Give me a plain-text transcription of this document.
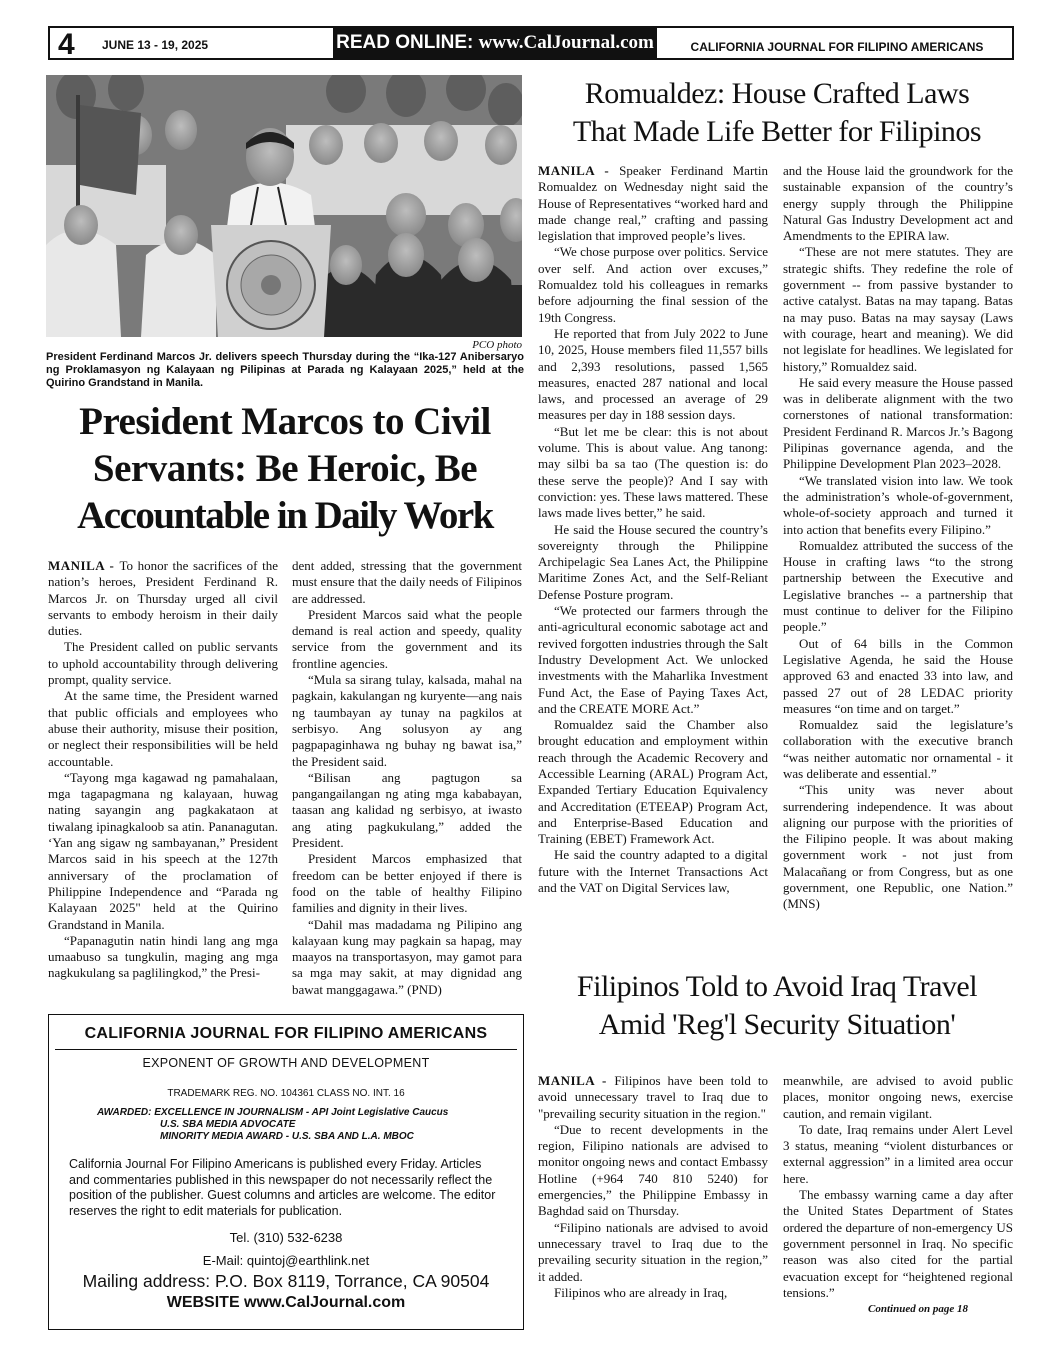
4 JUNE 13 - 19, 2025	READ ONLINE: www.CalJournal.com	CALIFORNIA JOURNAL FOR FILIPINO AMERICANS
PCO photo
President Ferdinand Marcos Jr. delivers speech Thursday during the “Ika-127 Anibersaryo ng Proklamasyon ng Kalayaan ng Pilipinas at Parada ng Kalayaan 2025,” held at the Quirino Grandstand in Manila.
President Marcos to Civil
Servants: Be Heroic, Be
Accountable in Daily Work

MANILA - To honor the sacrifices of the nation’s heroes, President Ferdinand R. Marcos Jr. on Thursday urged all civil servants to embody heroism in their daily duties.

The President called on public servants to uphold accountability through delivering prompt, quality service.

At the same time, the President warned that public officials and employees who abuse their authority, misuse their position, or neglect their responsibilities will be held accountable.

“Tayong mga kagawad ng pamahalaan, mga tagapagmana ng kalayaan, huwag nating sayangin ang pagkakataon at tiwalang ipinagkaloob sa atin. Pananagutan. ‘Yan ang sigaw ng sambayanan,” President Marcos said in his speech at the 127th anniversary of the proclamation of Philippine Independence and “Parada ng Kalayaan 2025" held at the Quirino Grandstand in Manila.

“Papanagutin natin hindi lang ang mga umaabuso sa tungkulin, maging ang mga nagkukulang sa paglilingkod,” the Presi-

dent added, stressing that the government must ensure that the daily needs of Filipinos are addressed.

President Marcos said what the people demand is real action and speedy, quality service from the government and its frontline agencies.

“Mula sa sirang tulay, kalsada, mahal na pagkain, kakulangan ng kuryente—ang nais ng taumbayan ay tunay na pagkilos at serbisyo. Ang solusyon ay ang pagpapaginhawa ng buhay ng bawat isa,” the President said.

“Bilisan ang pagtugon sa pangangailangan ng ating mga kababayan, taasan ang kalidad ng serbisyo, at iwasto ang ating pagkukulang,” added the President.

President Marcos emphasized that freedom can be better enjoyed if there is food on the table of healthy Filipino families and dignity in their lives.

“Dahil mas madadama ng Pilipino ang kalayaan kung may pagkain sa hapag, may maayos na transportasyon, may gamot para sa mga may sakit, at may dignidad ang bawat manggagawa.” (PND)

CALIFORNIA JOURNAL FOR FILIPINO AMERICANS
EXPONENT OF GROWTH AND DEVELOPMENT
TRADEMARK REG. NO. 104361 CLASS NO. INT. 16
AWARDED: EXCELLENCE IN JOURNALISM - API Joint Legislative Caucus
U.S. SBA MEDIA ADVOCATE
MINORITY MEDIA AWARD - U.S. SBA AND L.A. MBOC
California Journal For Filipino Americans is published every Friday. Articles and commentaries published in this newspaper do not necessarily reflect the position of the publisher. Guest columns and articles are welcome. The editor reserves the right to edit materials for publication.
Tel. (310) 532-6238
E-Mail: quintoj@earthlink.net
Mailing address: P.O. Box 8119, Torrance, CA 90504
WEBSITE www.CalJournal.com
Romualdez: House Crafted Laws
That Made Life Better for Filipinos

MANILA - Speaker Ferdinand Martin Romualdez on Wednesday night said the House of Representatives “worked hard and made change real,” crafting and passing legislation that improved people’s lives.

“We chose purpose over politics. Service over self. And action over excuses,” Romualdez told his colleagues in remarks before adjourning the final session of the 19th Congress.

He reported that from July 2022 to June 10, 2025, House members filed 11,557 bills and 2,393 resolutions, passed 1,565 measures, enacted 287 national and local laws, and processed an average of 29 measures per day in 188 session days.

“But let me be clear: this is not about volume. This is about value. Ang tanong: may silbi ba sa tao (The question is: do these serve the people)? And I say with conviction: yes. These laws mattered. These laws made lives better,” he said.

He said the House secured the country’s sovereignty through the Philippine Archipelagic Sea Lanes Act, the Philippine Maritime Zones Act, and the Self-Reliant Defense Posture program.

“We protected our farmers through the anti-agricultural economic sabotage act and revived forgotten industries through the Salt Industry Development Act. We unlocked investments with the Maharlika Investment Fund Act, the Ease of Paying Taxes Act, and the CREATE MORE Act.”

Romualdez said the Chamber also brought education and employment within reach through the Academic Recovery and Accessible Learning (ARAL) Program Act, Expanded Tertiary Education Equivalency and Accreditation (ETEEAP) Program Act, and Enterprise-Based Education and Training (EBET) Framework Act.

He said the country adapted to a digital future with the Internet Transactions Act and the VAT on Digital Services law,

and the House laid the groundwork for the sustainable expansion of the country’s energy supply through the Philippine Natural Gas Industry Development act and Amendments to the EPIRA law.

“These are not mere statutes. They are strategic shifts. They redefine the role of government -- from passive bystander to active catalyst. Batas na may tapang. Batas na may puso. Batas na may saysay (Laws with courage, heart and meaning). We did not legislate for headlines. We legislated for history,” Romualdez said.

He said every measure the House passed was in deliberate alignment with the two cornerstones of national transformation: President Ferdinand R. Marcos Jr.’s Bagong Pilipinas governance agenda, and the Philippine Development Plan 2023–2028.

“We translated vision into law. We took the administration’s whole-of-government, whole-of-society approach and turned it into action that benefits every Filipino.”

Romualdez attributed the success of the House in crafting laws “to the strong partnership between the Executive and Legislative branches -- a partnership that must continue to deliver for the Filipino people.”

Out of 64 bills in the Common Legislative Agenda, he said the House approved 63 and enacted 33 into law, and passed 27 out of 28 LEDAC priority measures “on time and on target.”

Romualdez said the legislature’s collaboration with the executive branch “was neither automatic nor ornamental - it was deliberate and essential.”

“This unity was never about surrendering independence. It was about aligning our purpose with the priorities of the Filipino people. It was about making government work - not just from Malacañang or from Congress, but as one government, one Republic, one Nation.” (MNS)

Filipinos Told to Avoid Iraq Travel
Amid 'Reg'l Security Situation'

MANILA - Filipinos have been told to avoid unnecessary travel to Iraq due to "prevailing security situation in the region."

“Due to recent developments in the region, Filipino nationals are advised to monitor ongoing news and contact Embassy Hotline (+964 740 810 5240) for emergencies,” the Philippine Embassy in Baghdad said on Thursday.

“Filipino nationals are advised to avoid unnecessary travel to Iraq due to the prevailing security situation in the region,” it added.

Filipinos who are already in Iraq,

meanwhile, are advised to avoid public places, monitor ongoing news, exercise caution, and remain vigilant.

To date, Iraq remains under Alert Level 3 status, meaning “violent disturbances or external aggression” in a limited area occur here.

The embassy warning came a day after the United States Department of States ordered the departure of non-emergency US government personnel in Iraq. No specific reason was also cited for the partial evacuation except for “heightened regional tensions.”

Continued on page 18
